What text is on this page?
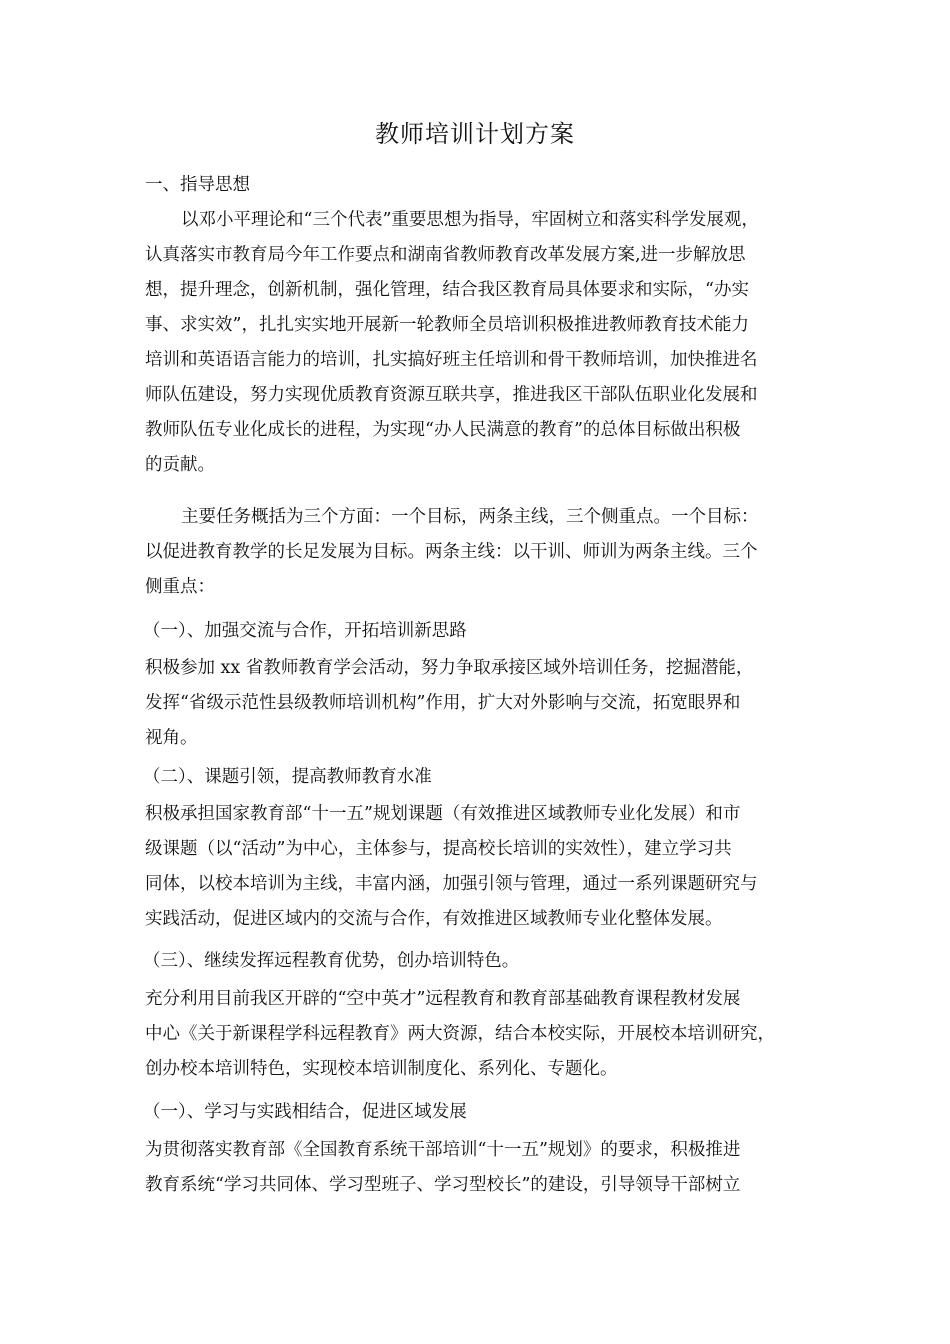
教师培训计划方案
一、指导思想
以邓小平理论和“三个代表”重要思想为指导，牢固树立和落实科学发展观，
认真落实市教育局今年工作要点和湖南省教师教育改革发展方案,进一步解放思
想，提升理念，创新机制，强化管理，结合我区教育局具体要求和实际，“办实
事、求实效”，扎扎实实地开展新一轮教师全员培训积极推进教师教育技术能力
培训和英语语言能力的培训，扎实搞好班主任培训和骨干教师培训，加快推进名
师队伍建设，努力实现优质教育资源互联共享，推进我区干部队伍职业化发展和
教师队伍专业化成长的进程，为实现“办人民满意的教育”的总体目标做出积极
的贡献。
主要任务概括为三个方面：一个目标，两条主线，三个侧重点。一个目标：
以促进教育教学的长足发展为目标。两条主线：以干训、师训为两条主线。三个
侧重点：
（一）、加强交流与合作，开拓培训新思路
积极参加 xx 省教师教育学会活动，努力争取承接区域外培训任务，挖掘潜能，
发挥“省级示范性县级教师培训机构”作用，扩大对外影响与交流，拓宽眼界和
视角。
（二）、课题引领，提高教师教育水准
积极承担国家教育部“十一五”规划课题（有效推进区域教师专业化发展）和市
级课题（以“活动”为中心，主体参与，提高校长培训的实效性），建立学习共
同体，以校本培训为主线，丰富内涵，加强引领与管理，通过一系列课题研究与
实践活动，促进区域内的交流与合作，有效推进区域教师专业化整体发展。
（三）、继续发挥远程教育优势，创办培训特色。
充分利用目前我区开辟的“空中英才”远程教育和教育部基础教育课程教材发展
中心《关于新课程学科远程教育》两大资源，结合本校实际，开展校本培训研究，
创办校本培训特色，实现校本培训制度化、系列化、专题化。
（一）、学习与实践相结合，促进区域发展
为贯彻落实教育部《全国教育系统干部培训“十一五”规划》的要求，积极推进
教育系统“学习共同体、学习型班子、学习型校长”的建设，引导领导干部树立
